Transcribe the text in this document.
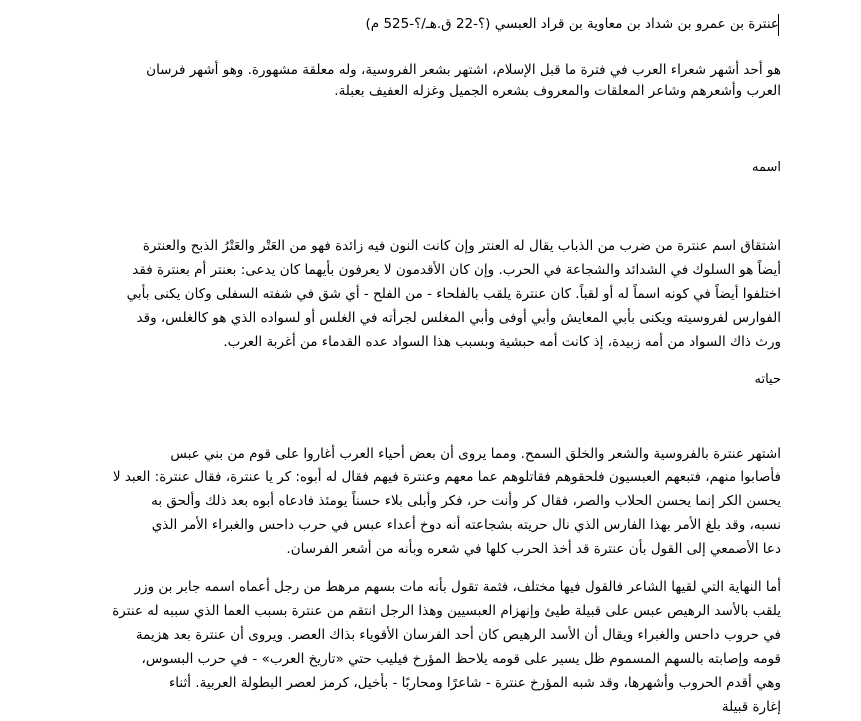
عنترة بن عمرو بن شداد بن معاوية بن قراد العبسي (؟-22 ق.هـ/؟-525 م)
هو أحد أشهر شعراء العرب في فترة ما قبل الإسلام، اشتهر بشعر الفروسية، وله معلقة مشهورة. وهو أشهر فرسان
العرب وأشعرهم وشاعر المعلقات والمعروف بشعره الجميل وغزله العفيف بعبلة.
اسمه
اشتقاق اسم عنترة من ضرب من الذباب يقال له العنتر وإن كانت النون فيه زائدة فهو من العَتْر والعَتْرُ الذبح والعنترة
أيضاً هو السلوك في الشدائد والشجاعة في الحرب. وإن كان الأقدمون لا يعرفون بأيهما كان يدعى: بعنتر أم بعنترة فقد
اختلفوا أيضاً في كونه اسماً له أو لقباً. كان عنترة يلقب بالفلحاء - من الفلح - أي شق في شفته السفلى وكان يكنى بأبي
الفوارس لفروسيته ويكنى بأبي المعايش وأبي أوفى وأبي المغلس لجرأته في الغلس أو لسواده الذي هو كالغلس، وقد
ورث ذاك السواد من أمه زبيدة، إذ كانت أمه حبشية وبسبب هذا السواد عده القدماء من أغربة العرب.
حياته
اشتهر عنترة بالفروسية والشعر والخلق السمح. ومما يروى أن بعض أحياء العرب أغاروا على قوم من بني عبس
فأصابوا منهم، فتبعهم العبسيون فلحقوهم فقاتلوهم عما معهم وعنترة فيهم فقال له أبوه: كر يا عنترة، فقال عنترة: العبد لا
يحسن الكر إنما يحسن الحلاب والصر، فقال كر وأنت حر، فكر وأبلى بلاء حسناً يومئذ فادعاه أبوه بعد ذلك وألحق به
نسبه، وقد بلغ الأمر بهذا الفارس الذي نال حريته بشجاعته أنه دوخ أعداء عبس في حرب داحس والغبراء الأمر الذي
دعا الأصمعي إلى القول بأن عنترة قد أخذ الحرب كلها في شعره وبأنه من أشعر الفرسان.
أما النهاية التي لقيها الشاعر فالقول فيها مختلف، فثمة تقول بأنه مات بسهم مرهط من رجل أعماه اسمه جابر بن وزر
يلقب بالأسد الرهيص عبس على قبيلة طيئ وإنهزام العبسيين وهذا الرجل انتقم من عنترة بسبب العما الذي سببه له عنترة
في حروب داحس والغبراء ويقال أن الأسد الرهيص كان أحد الفرسان الأقوياء بذاك العصر. ويروى أن عنترة بعد هزيمة
قومه وإصابته بالسهم المسموم ظل يسير على قومه يلاحظ المؤرخ فيليب حتي «تاريخ العرب» - في حرب البسوس،
وهي أقدم الحروب وأشهرها، وقد شبه المؤرخ عنترة - شاعرًا ومحاربًا - بأخيل، كرمز لعصر البطولة العربية. أثناء
إغارة قبيلة
